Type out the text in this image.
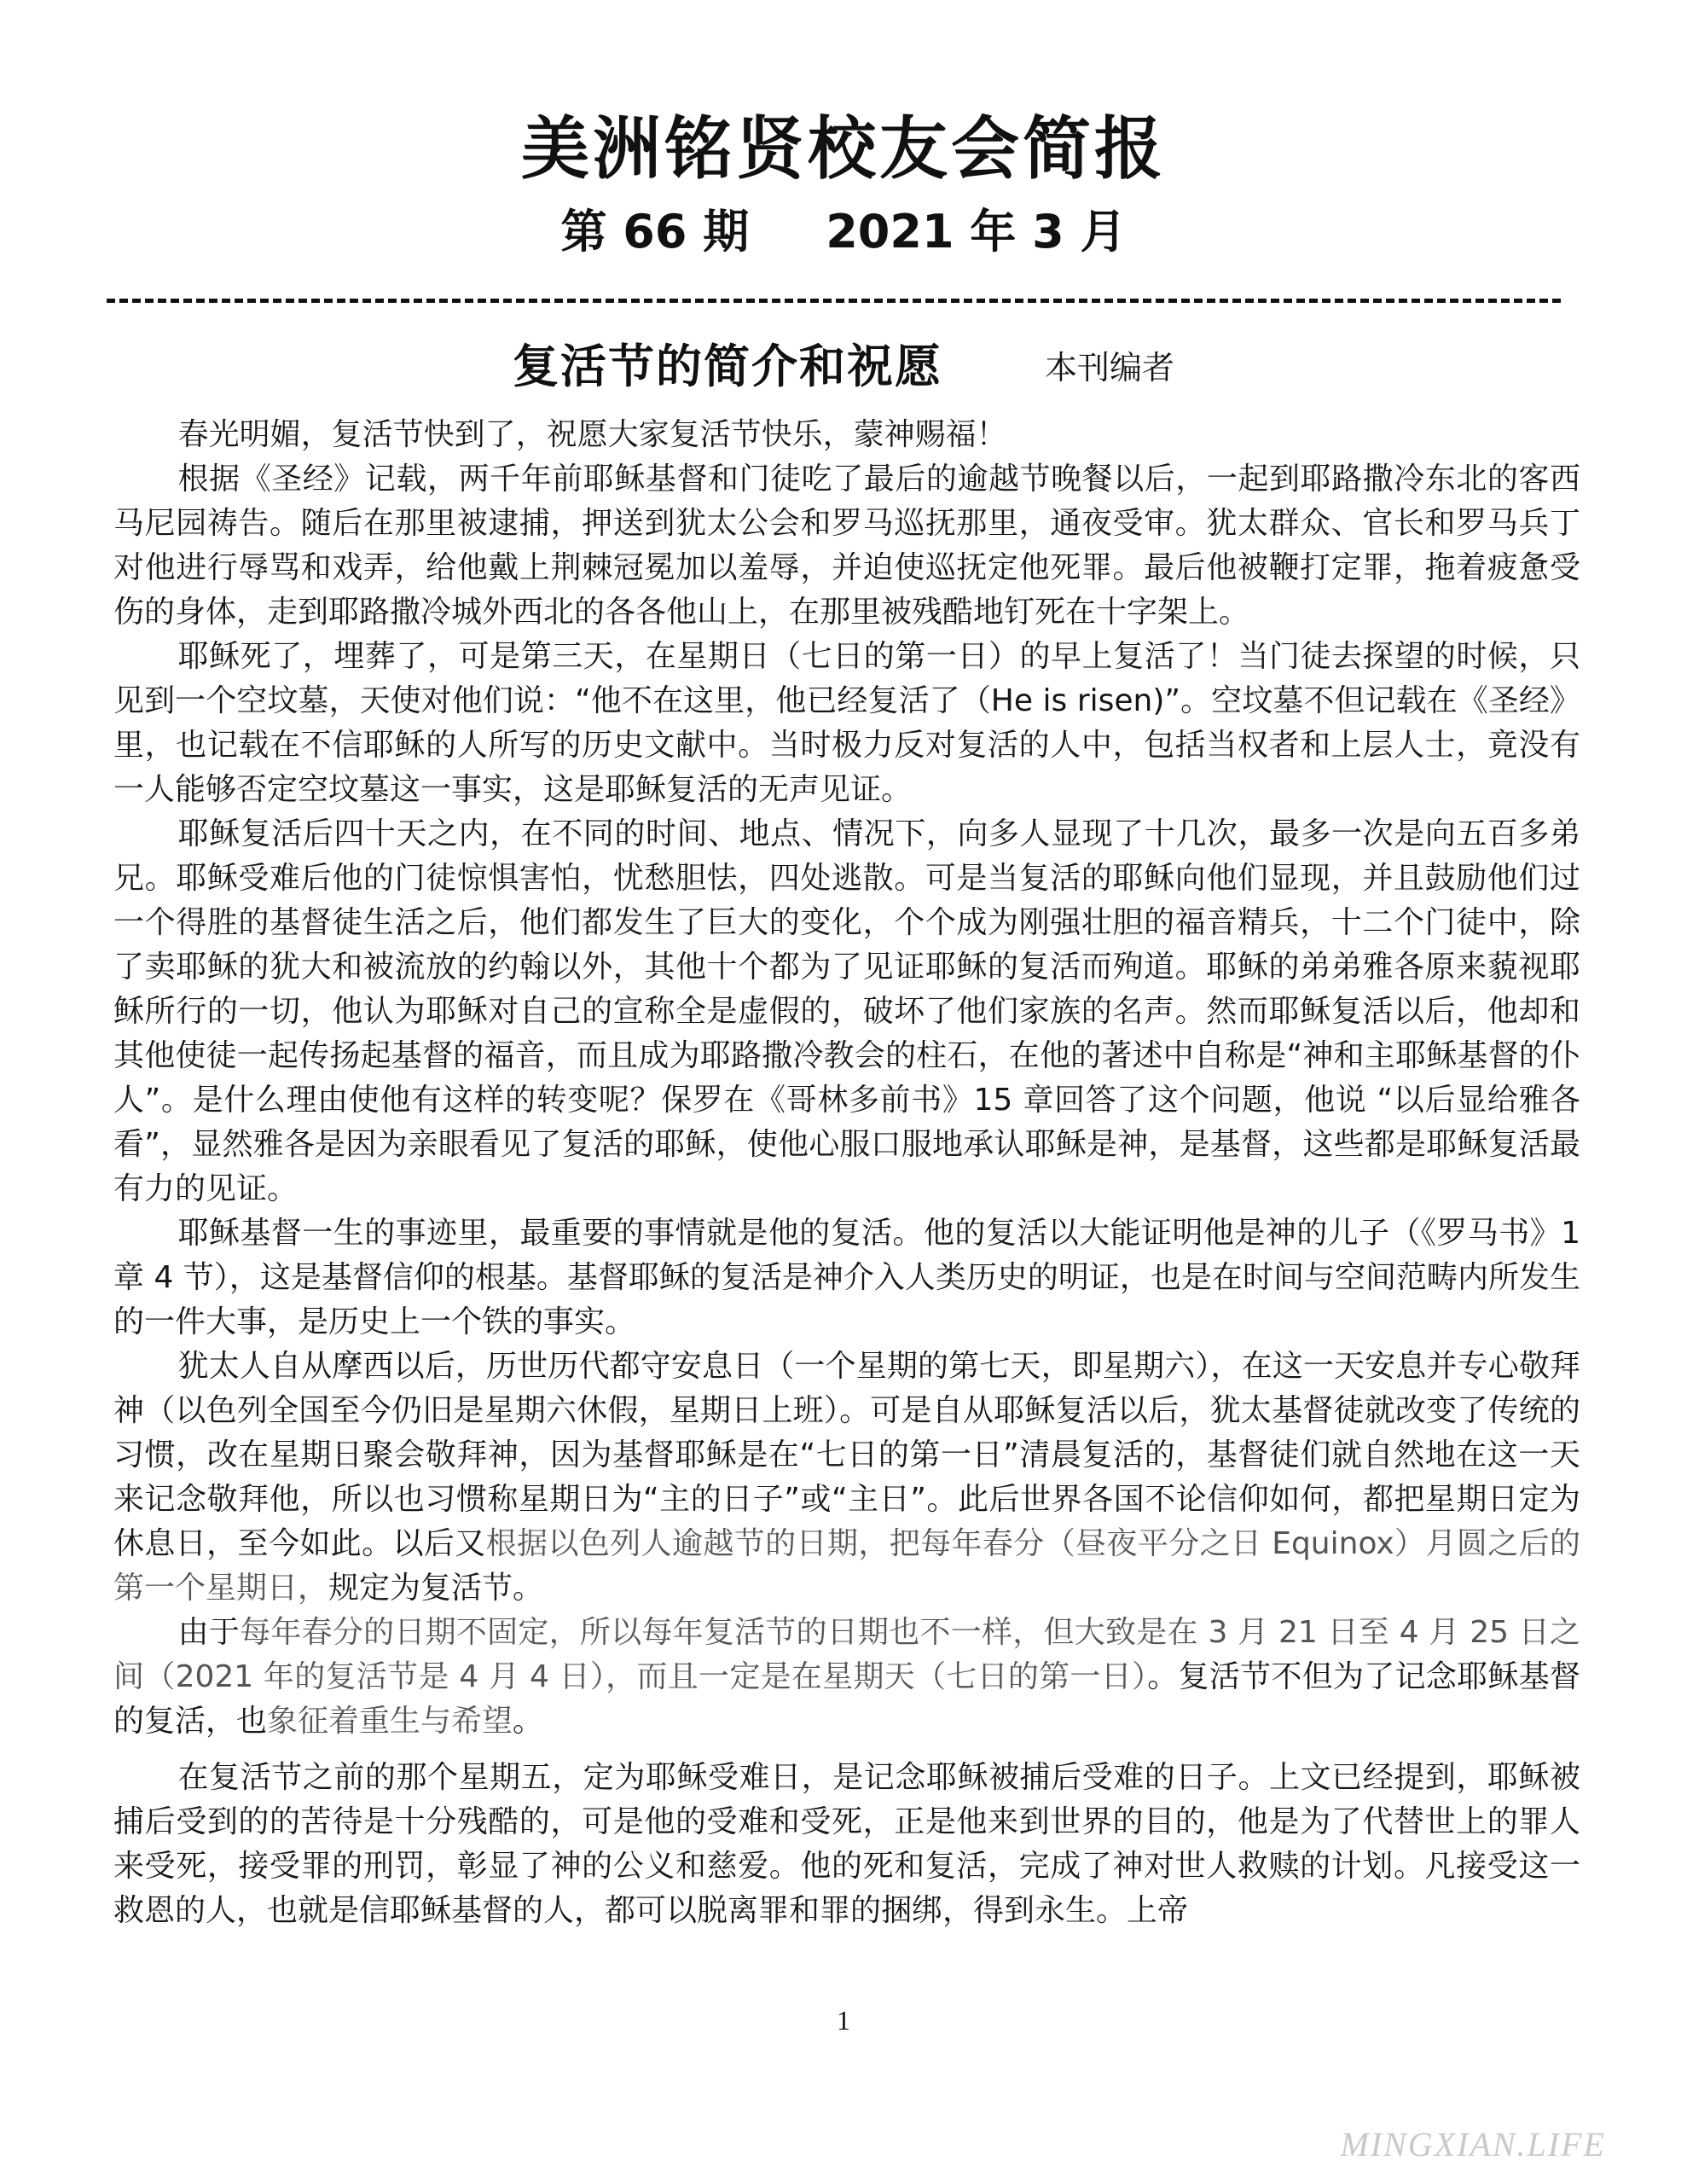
美洲铭贤校友会简报
第 66 期 2021 年 3 月
复活节的简介和祝愿	本刊编者

春光明媚，复活节快到了，祝愿大家复活节快乐，蒙神赐福！

根据《圣经》记载，两千年前耶稣基督和门徒吃了最后的逾越节晚餐以后，一起到耶路撒冷东北的客西马尼园祷告。随后在那里被逮捕，押送到犹太公会和罗马巡抚那里，通夜受审。犹太群众、官长和罗马兵丁对他进行辱骂和戏弄，给他戴上荆棘冠冕加以羞辱，并迫使巡抚定他死罪。最后他被鞭打定罪，拖着疲惫受伤的身体，走到耶路撒冷城外西北的各各他山上，在那里被残酷地钉死在十字架上。

耶稣死了，埋葬了，可是第三天，在星期日（七日的第一日）的早上复活了！当门徒去探望的时候，只见到一个空坟墓，天使对他们说：“他不在这里，他已经复活了（He is risen)”。空坟墓不但记载在《圣经》里，也记载在不信耶稣的人所写的历史文献中。当时极力反对复活的人中，包括当权者和上层人士，竟没有一人能够否定空坟墓这一事实，这是耶稣复活的无声见证。

耶稣复活后四十天之内，在不同的时间、地点、情况下，向多人显现了十几次，最多一次是向五百多弟兄。耶稣受难后他的门徒惊惧害怕，忧愁胆怯，四处逃散。可是当复活的耶稣向他们显现，并且鼓励他们过一个得胜的基督徒生活之后，他们都发生了巨大的变化，个个成为刚强壮胆的福音精兵，十二个门徒中，除了卖耶稣的犹大和被流放的约翰以外，其他十个都为了见证耶稣的复活而殉道。耶稣的弟弟雅各原来藐视耶稣所行的一切，他认为耶稣对自己的宣称全是虚假的，破坏了他们家族的名声。然而耶稣复活以后，他却和其他使徒一起传扬起基督的福音，而且成为耶路撒冷教会的柱石，在他的著述中自称是“神和主耶稣基督的仆人”。是什么理由使他有这样的转变呢？保罗在《哥林多前书》15 章回答了这个问题，他说 “以后显给雅各看”，显然雅各是因为亲眼看见了复活的耶稣，使他心服口服地承认耶稣是神，是基督，这些都是耶稣复活最有力的见证。

耶稣基督一生的事迹里，最重要的事情就是他的复活。他的复活以大能证明他是神的儿子（《罗马书》1 章 4 节），这是基督信仰的根基。基督耶稣的复活是神介入人类历史的明证，也是在时间与空间范畴内所发生的一件大事，是历史上一个铁的事实。

犹太人自从摩西以后，历世历代都守安息日（一个星期的第七天，即星期六），在这一天安息并专心敬拜神（以色列全国至今仍旧是星期六休假，星期日上班）。可是自从耶稣复活以后，犹太基督徒就改变了传统的习惯，改在星期日聚会敬拜神，因为基督耶稣是在“七日的第一日”清晨复活的，基督徒们就自然地在这一天来记念敬拜他，所以也习惯称星期日为“主的日子”或“主日”。此后世界各国不论信仰如何，都把星期日定为休息日，至今如此。以后又根据以色列人逾越节的日期，把每年春分（昼夜平分之日 Equinox）月圆之后的第一个星期日，规定为复活节。

由于每年春分的日期不固定，所以每年复活节的日期也不一样，但大致是在 3 月 21 日至 4 月 25 日之间（2021 年的复活节是 4 月 4 日），而且一定是在星期天（七日的第一日）。复活节不但为了记念耶稣基督的复活，也象征着重生与希望。

在复活节之前的那个星期五，定为耶稣受难日，是记念耶稣被捕后受难的日子。上文已经提到，耶稣被捕后受到的的苦待是十分残酷的，可是他的受难和受死，正是他来到世界的目的，他是为了代替世上的罪人来受死，接受罪的刑罚，彰显了神的公义和慈爱。他的死和复活，完成了神对世人救赎的计划。凡接受这一救恩的人，也就是信耶稣基督的人，都可以脱离罪和罪的捆绑，得到永生。上帝

1
MINGXIAN.LIFE
